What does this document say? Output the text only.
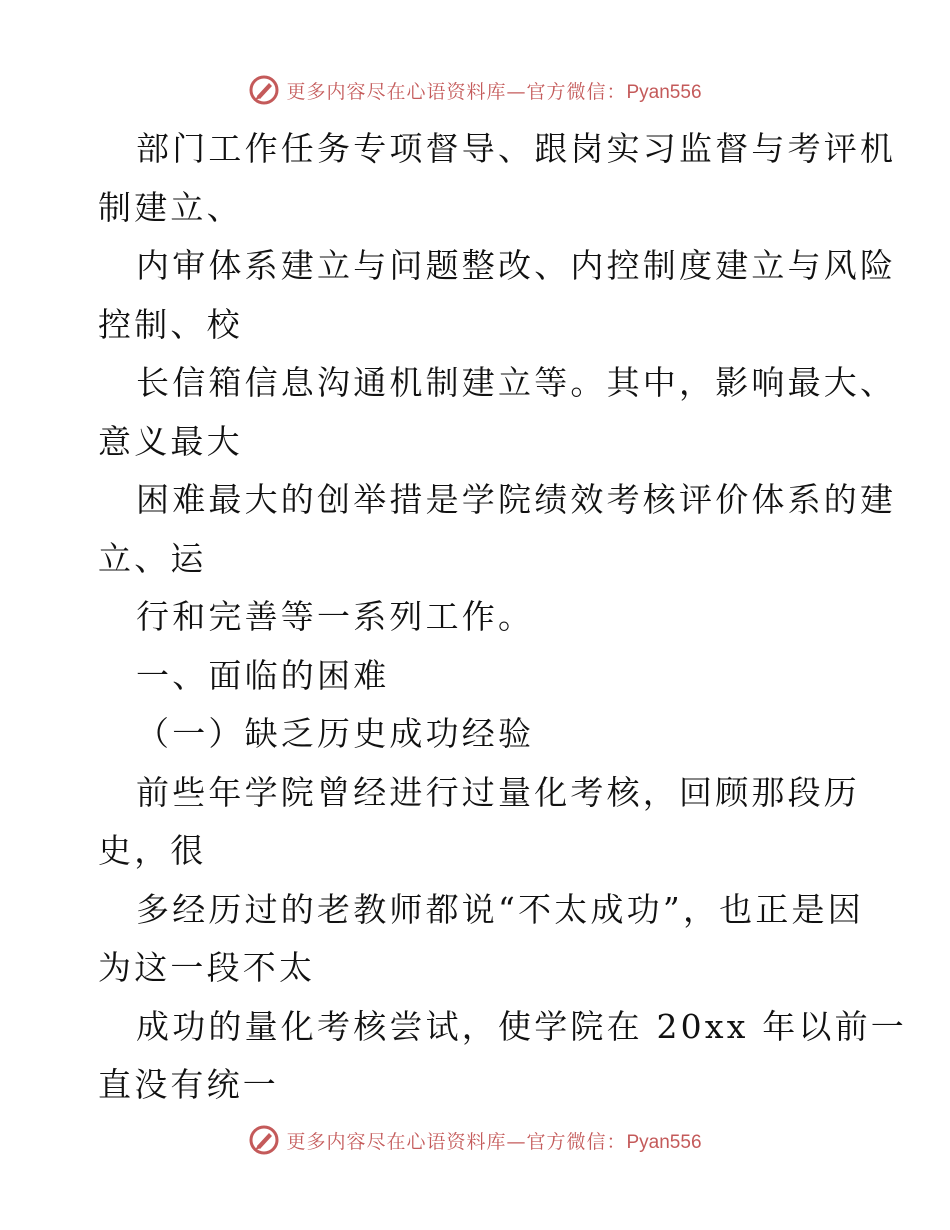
更多内容尽在心语资料库—官方微信：Pyan556
部门工作任务专项督导、跟岗实习监督与考评机
制建立、
内审体系建立与问题整改、内控制度建立与风险
控制、校
长信箱信息沟通机制建立等。其中，影响最大、
意义最大
困难最大的创举措是学院绩效考核评价体系的建
立、运
行和完善等一系列工作。
一、面临的困难
（一）缺乏历史成功经验
前些年学院曾经进行过量化考核，回顾那段历
史，很
多经历过的老教师都说“不太成功”，也正是因
为这一段不太
成功的量化考核尝试，使学院在 20xx 年以前一
直没有统一
更多内容尽在心语资料库—官方微信：Pyan556
